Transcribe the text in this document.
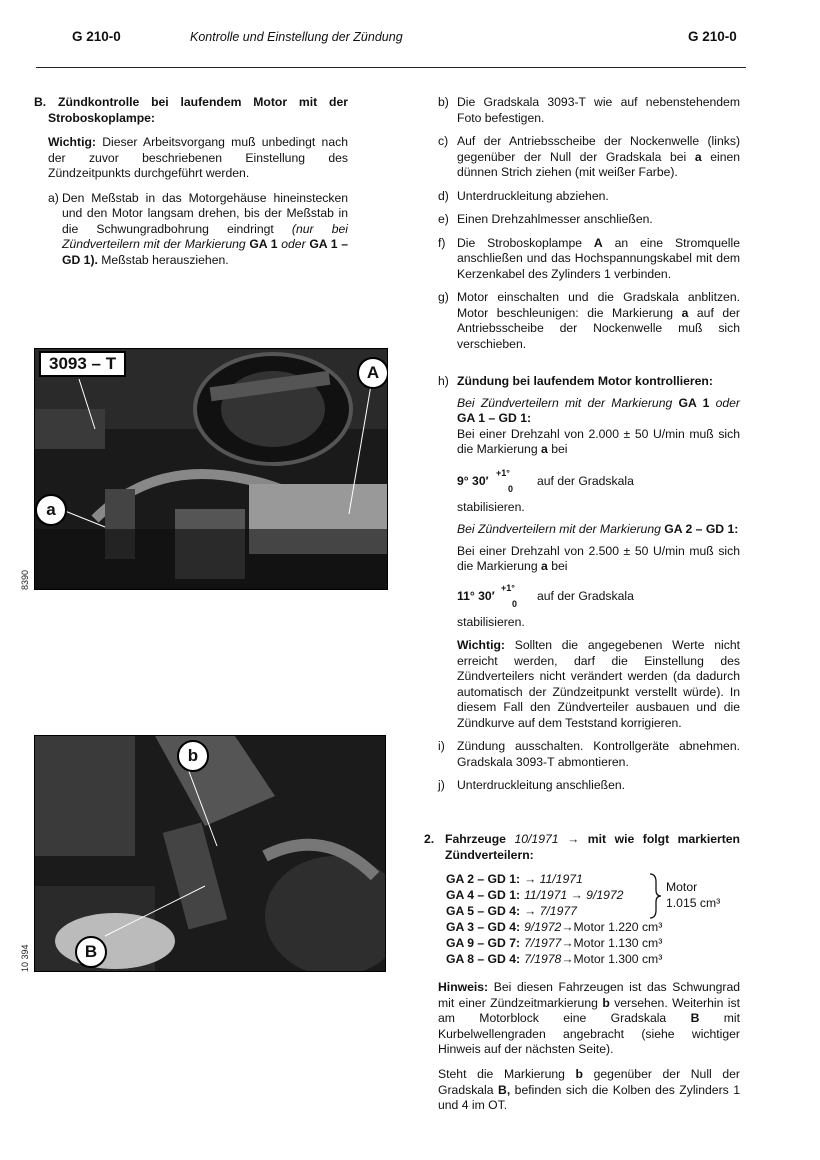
G 210-0	Kontrolle und Einstellung der Zündung	G 210-0

B. Zündkontrolle bei laufendem Motor mit der Stroboskoplampe:

Wichtig: Dieser Arbeitsvorgang muß unbedingt nach der zuvor beschriebenen Einstellung des Zündzeitpunkts durchgeführt werden.

a) Den Meßstab in das Motorgehäuse hineinstecken und den Motor langsam drehen, bis der Meßstab in die Schwungradbohrung eindringt (nur bei Zündverteilern mit der Markierung GA 1 oder GA 1 – GD 1). Meßstab herausziehen.
3093 – T	A
a
8390
b
B
10 394
b) Die Gradskala 3093-T wie auf nebenstehendem Foto befestigen.
c) Auf der Antriebsscheibe der Nockenwelle (links) gegenüber der Null der Gradskala bei a einen dünnen Strich ziehen (mit weißer Farbe).
d) Unterdruckleitung abziehen.
e) Einen Drehzahlmesser anschließen.
f) Die Stroboskoplampe A an eine Stromquelle anschließen und das Hochspannungskabel mit dem Kerzenkabel des Zylinders 1 verbinden.
g) Motor einschalten und die Gradskala anblitzen. Motor beschleunigen: die Markierung a auf der Antriebsscheibe der Nockenwelle muß sich verschieben.
h) Zündung bei laufendem Motor kontrollieren:

Bei Zündverteilern mit der Markierung GA 1 oder GA 1 – GD 1:

Bei einer Drehzahl von 2.000 ± 50 U/min muß sich die Markierung a bei

9° 30′
+1°
0
auf der Gradskala

stabilisieren.

Bei Zündverteilern mit der Markierung GA 2 – GD 1:

Bei einer Drehzahl von 2.500 ± 50 U/min muß sich die Markierung a bei

11° 30′
+1°
0
auf der Gradskala

stabilisieren.

Wichtig: Sollten die angegebenen Werte nicht erreicht werden, darf die Einstellung des Zündverteilers nicht verändert werden (da dadurch automatisch der Zündzeitpunkt verstellt würde). In diesem Fall den Zündverteiler ausbauen und die Zündkurve auf dem Teststand korrigieren.

i) Zündung ausschalten. Kontrollgeräte abnehmen. Gradskala 3093-T abmontieren.
j) Unterdruckleitung anschließen.
2. Fahrzeuge 10/1971 → mit wie folgt markierten Zündverteilern:
GA 2 – GD 1: → 11/1971
GA 4 – GD 1: 11/1971 → 9/1972
GA 5 – GD 4: → 7/1977
GA 3 – GD 4: 9/1972→Motor 1.220 cm³
GA 9 – GD 7: 7/1977→Motor 1.130 cm³
GA 8 – GD 4: 7/1978→Motor 1.300 cm³
Motor
1.015 cm³
Hinweis: Bei diesen Fahrzeugen ist das Schwungrad mit einer Zündzeitmarkierung b versehen. Weiterhin ist am Motorblock eine Gradskala B mit Kurbelwellengraden angebracht (siehe wichtiger Hinweis auf der nächsten Seite).
Steht die Markierung b gegenüber der Null der Gradskala B, befinden sich die Kolben des Zylinders 1 und 4 im OT.
